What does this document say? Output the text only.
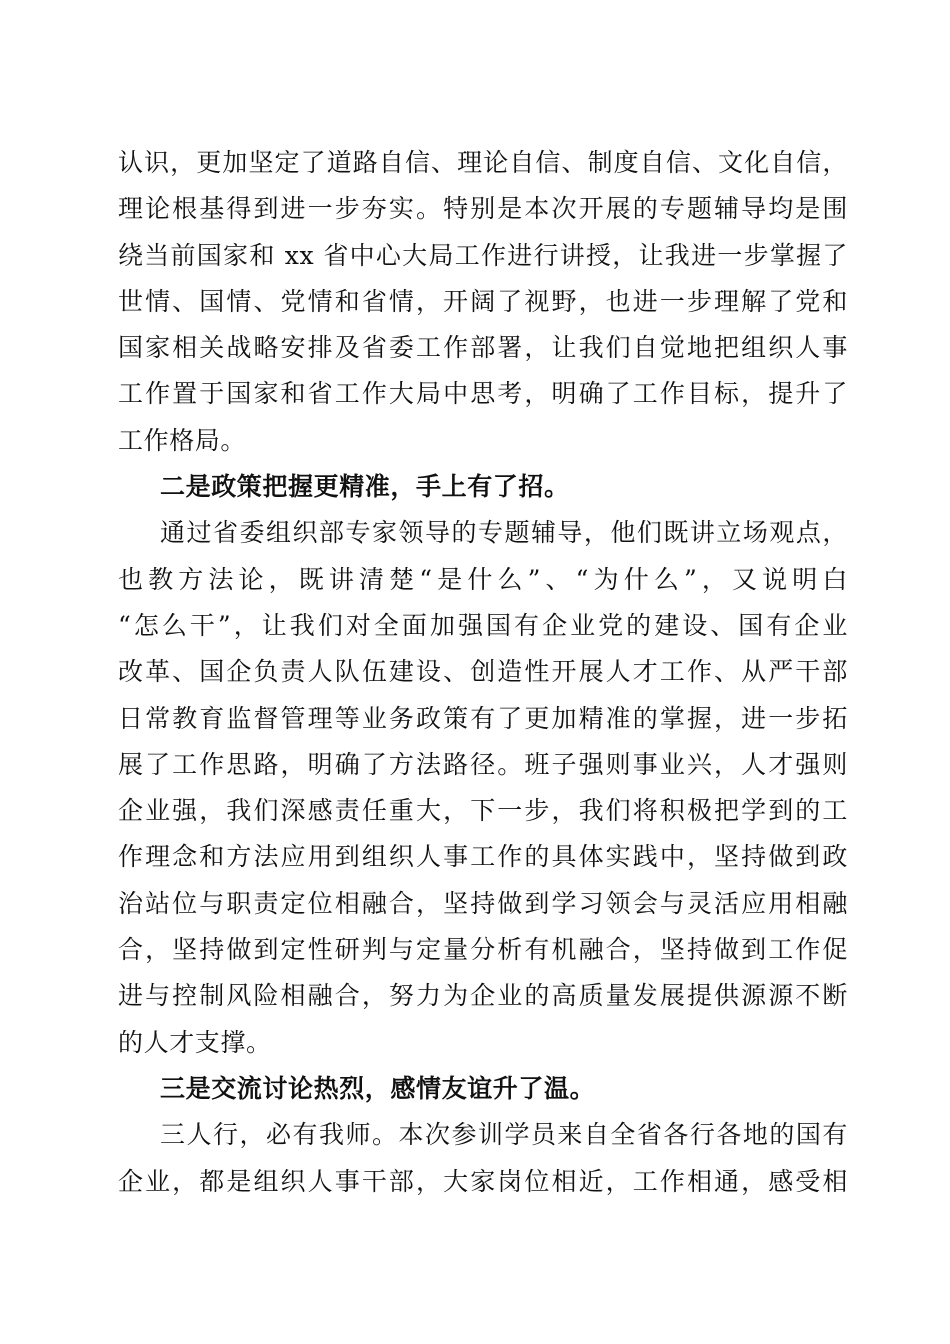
认识，更加坚定了道路自信、理论自信、制度自信、文化自信，
理论根基得到进一步夯实。特别是本次开展的专题辅导均是围
绕当前国家和 xx 省中心大局工作进行讲授，让我进一步掌握了
世情、国情、党情和省情，开阔了视野，也进一步理解了党和
国家相关战略安排及省委工作部署，让我们自觉地把组织人事
工作置于国家和省工作大局中思考，明确了工作目标，提升了
工作格局。
二是政策把握更精准，手上有了招。
通过省委组织部专家领导的专题辅导，他们既讲立场观点，
也教方法论，既讲清楚“是什么”、“为什么”，又说明白
“怎么干”，让我们对全面加强国有企业党的建设、国有企业
改革、国企负责人队伍建设、创造性开展人才工作、从严干部
日常教育监督管理等业务政策有了更加精准的掌握，进一步拓
展了工作思路，明确了方法路径。班子强则事业兴，人才强则
企业强，我们深感责任重大，下一步，我们将积极把学到的工
作理念和方法应用到组织人事工作的具体实践中，坚持做到政
治站位与职责定位相融合，坚持做到学习领会与灵活应用相融
合，坚持做到定性研判与定量分析有机融合，坚持做到工作促
进与控制风险相融合，努力为企业的高质量发展提供源源不断
的人才支撑。
三是交流讨论热烈，感情友谊升了温。
三人行，必有我师。本次参训学员来自全省各行各地的国有
企业，都是组织人事干部，大家岗位相近，工作相通，感受相
